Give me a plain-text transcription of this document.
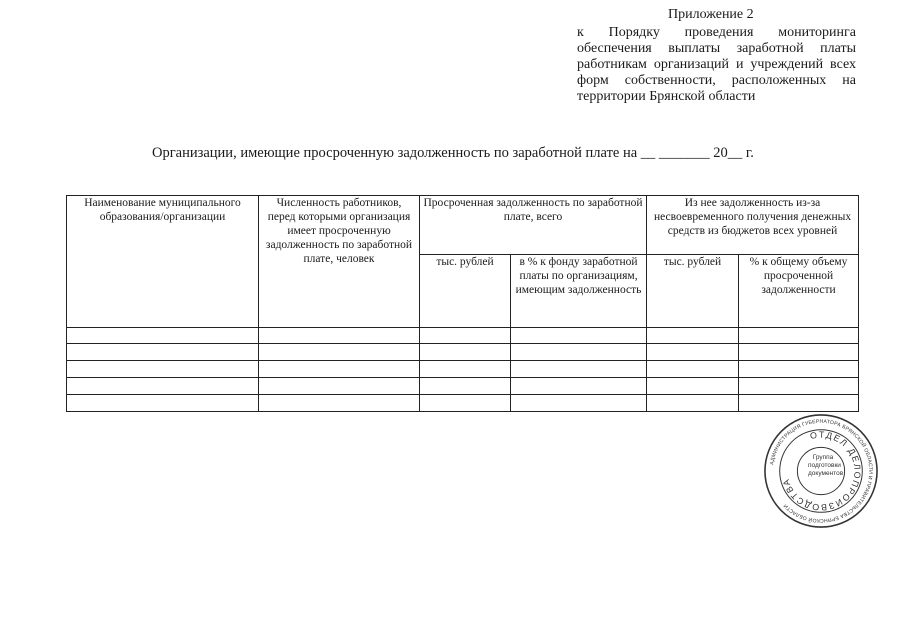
Приложение 2

к Порядку проведения мониторинга обеспечения выплаты заработной платы работникам организаций и учреждений всех форм собственности, расположенных на территории Брянской области

Организации, имеющие просроченную задолженность по заработной плате на __ _______ 20__ г.

Наименование муниципального образования/организации	Численность работников, перед которыми организация имеет просроченную задолженность по заработной плате, человек	Просроченная задолженность по заработной плате, всего		Из нее задолженность из-за несвоевременного получения денежных средств из бюджетов всех уровней	
		тыс. рублей	в % к фонду заработной платы по организациям, имеющим задолженность	тыс. рублей	% к общему объему просроченной задолженности

АДМИНИСТРАЦИЯ ГУБЕРНАТОРА БРЯНСКОЙ ОБЛАСТИ И ПРАВИТЕЛЬСТВА БРЯНСКОЙ ОБЛАСТИ
ОТДЕЛ ДЕЛОПРОИЗВОДСТВА
Группа
подготовки
документов
